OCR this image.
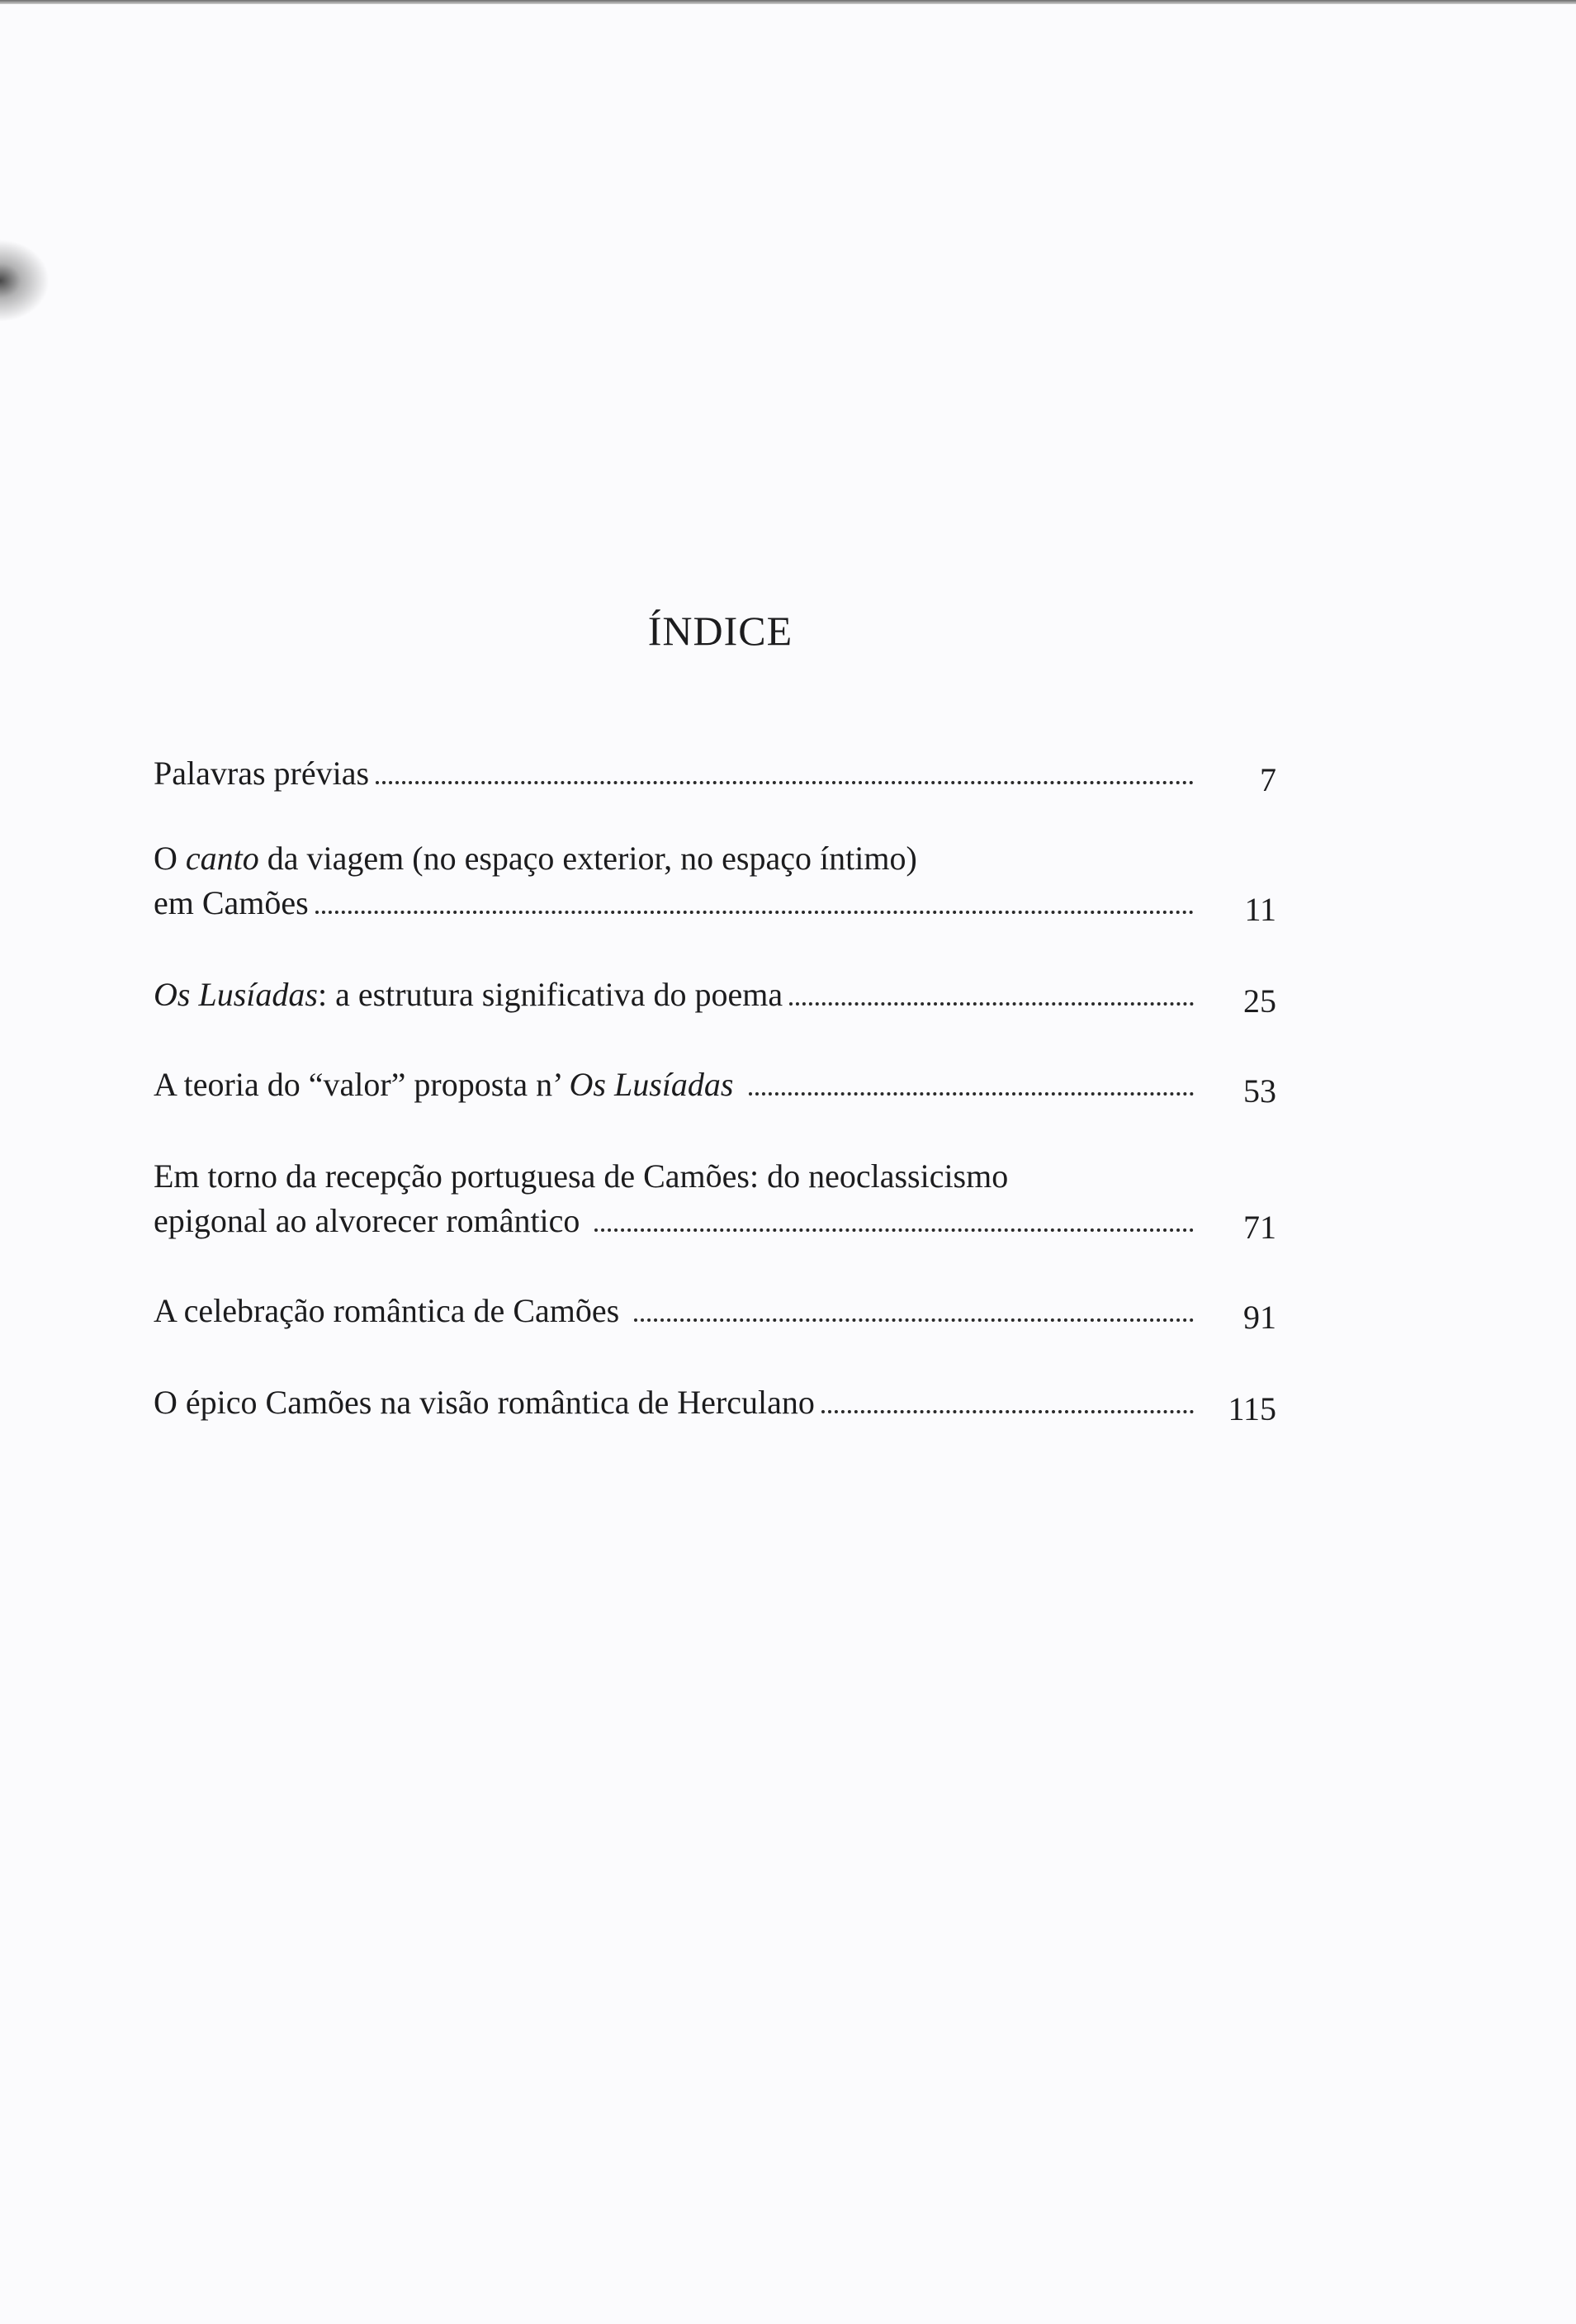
ÍNDICE
Palavras prévias	7
O canto da viagem (no espaço exterior, no espaço íntimo)
em Camões	11
Os Lusíadas: a estrutura significativa do poema	25
A teoria do “valor” proposta n’ Os Lusíadas	53
Em torno da recepção portuguesa de Camões: do neoclassicismo
epigonal ao alvorecer romântico	71
A celebração romântica de Camões	91
O épico Camões na visão romântica de Herculano	115
